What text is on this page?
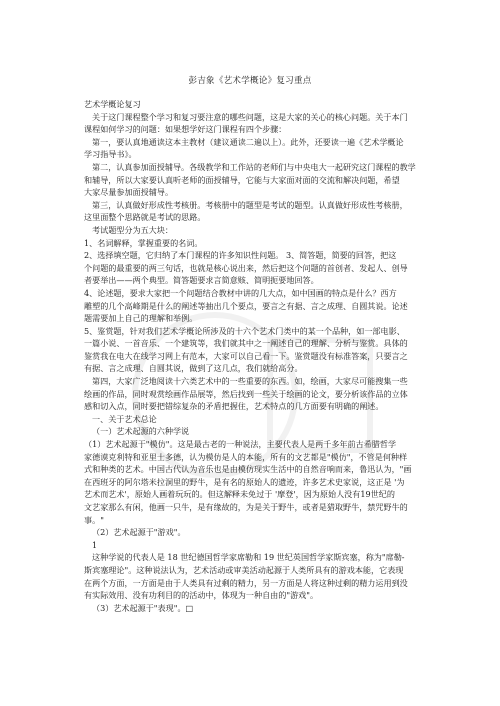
彭吉象《艺术学概论》复习重点
艺术学概论复习
关于这门课程整个学习和复习要注意的哪些问题，这是大家的关心的核心问题。关于本门
课程如何学习的问题：如果想学好这门课程有四个步骤：
第一，要认真地通读这本主教材（建议通读二遍以上）。此外，还要读一遍《艺术学概论
学习指导书》。
第二，认真参加面授辅导。各级教学和工作站的老师们与中央电大一起研究这门课程的教学
和辅导，所以大家要认真听老师的面授辅导，它能与大家面对面的交流和解决问题，希望
大家尽量参加面授辅导。
第三，认真做好形成性考核册。考核册中的题型是考试的题型。认真做好形成性考核册，
这里面整个思路就是考试的思路。
考试题型分为五大块：
1、名词解释，掌握重要的名词。
2、选择填空题，它归纳了本门课程的许多知识性问题。 3、简答题，简要的回答，把这
个问题的最重要的两三句话，也就是核心说出来，然后把这个问题的首创者、发起人、创导
者要举出——两个典型。简答题要求言简意赅、简明扼要地回答。
4、论述题，要求大家把一个问题结合教材中讲的几大点，如中国画的特点是什么？西方
雕塑的几个高峰期是什么的阐述等抽出几个要点，要言之有据、言之成理、自圆其说。论述
题需要加上自己的理解和举例。
5、鉴赏题，针对我们艺术学概论所涉及的十六个艺术门类中的某一个品种，如一部电影、
一篇小说、一首音乐、一个建筑等，我们就其中之一阐述自己的理解、分析与鉴赏。具体的
鉴赏我在电大在线学习网上有范本，大家可以自己看一下。鉴赏题没有标准答案，只要言之
有据、言之成理、自圆其说，做到了这几点，我们就给高分。
第四，大家广泛地阅读十六类艺术中的一些重要的东西。如，绘画，大家尽可能搜集一些
绘画的作品，同时观赏绘画作品展等，然后找到一些关于绘画的论文，要分析该作品的立体
感和切入点，同时要把错综复杂的矛盾把握住，艺术特点的几方面要有明确的阐述。
一、关于艺术总论
（一）艺术起源的六种学说
（1）艺术起源于"模仿"。这是最古老的一种说法，主要代表人是两千多年前古希腊哲学
家德谟克利特和亚里士多德，认为模仿是人的本能，所有的文艺都是"模仿"，不管是何种样
式和种类的艺术。中国古代认为音乐也是由模仿现实生活中的自然音响而来，鲁迅认为，"画
在西班牙的阿尔塔米拉洞里的野牛，是有名的原始人的遗迹，许多艺术史家说，这正是 '为
艺术而艺术'，原始人画着玩玩的。但这解释未免过于 '摩登'，因为原始人没有19世纪的
文艺家那么有闲，他画一只牛，是有缘故的，为是关于野牛，或者是猎取野牛，禁咒野牛的
事。"
（2）艺术起源于"游戏"。
1
这种学说的代表人是 18 世纪德国哲学家席勒和 19 世纪英国哲学家斯宾塞，称为"席勒-
斯宾塞理论"。这种说法认为，艺术活动或审美活动起源于人类所具有的游戏本能，它表现
在两个方面，一方面是由于人类具有过剩的精力，另一方面是人将这种过剩的精力运用到没
有实际效用、没有功利目的的活动中，体现为一种自由的"游戏"。
（3）艺术起源于"表现"。□
